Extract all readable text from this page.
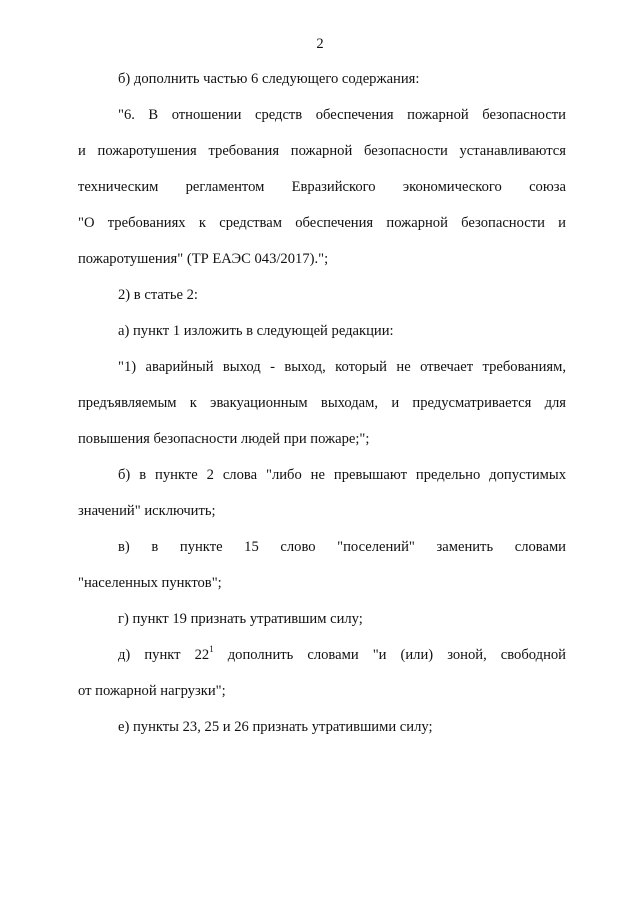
2
б) дополнить частью 6 следующего содержания:
"6. В отношении средств обеспечения пожарной безопасности
и пожаротушения требования пожарной безопасности устанавливаются
техническим регламентом Евразийского экономического союза
"О требованиях к средствам обеспечения пожарной безопасности и
пожаротушения" (ТР ЕАЭС 043/2017).";
2) в статье 2:
а) пункт 1 изложить в следующей редакции:
"1) аварийный выход - выход, который не отвечает требованиям,
предъявляемым к эвакуационным выходам, и предусматривается для
повышения безопасности людей при пожаре;";
б) в пункте 2 слова "либо не превышают предельно допустимых
значений" исключить;
в) в пункте 15 слово "поселений" заменить словами
"населенных пунктов";
г) пункт 19 признать утратившим силу;
д) пункт $22^1$ дополнить словами "и (или) зоной, свободной
от пожарной нагрузки";
е) пункты 23, 25 и 26 признать утратившими силу;
